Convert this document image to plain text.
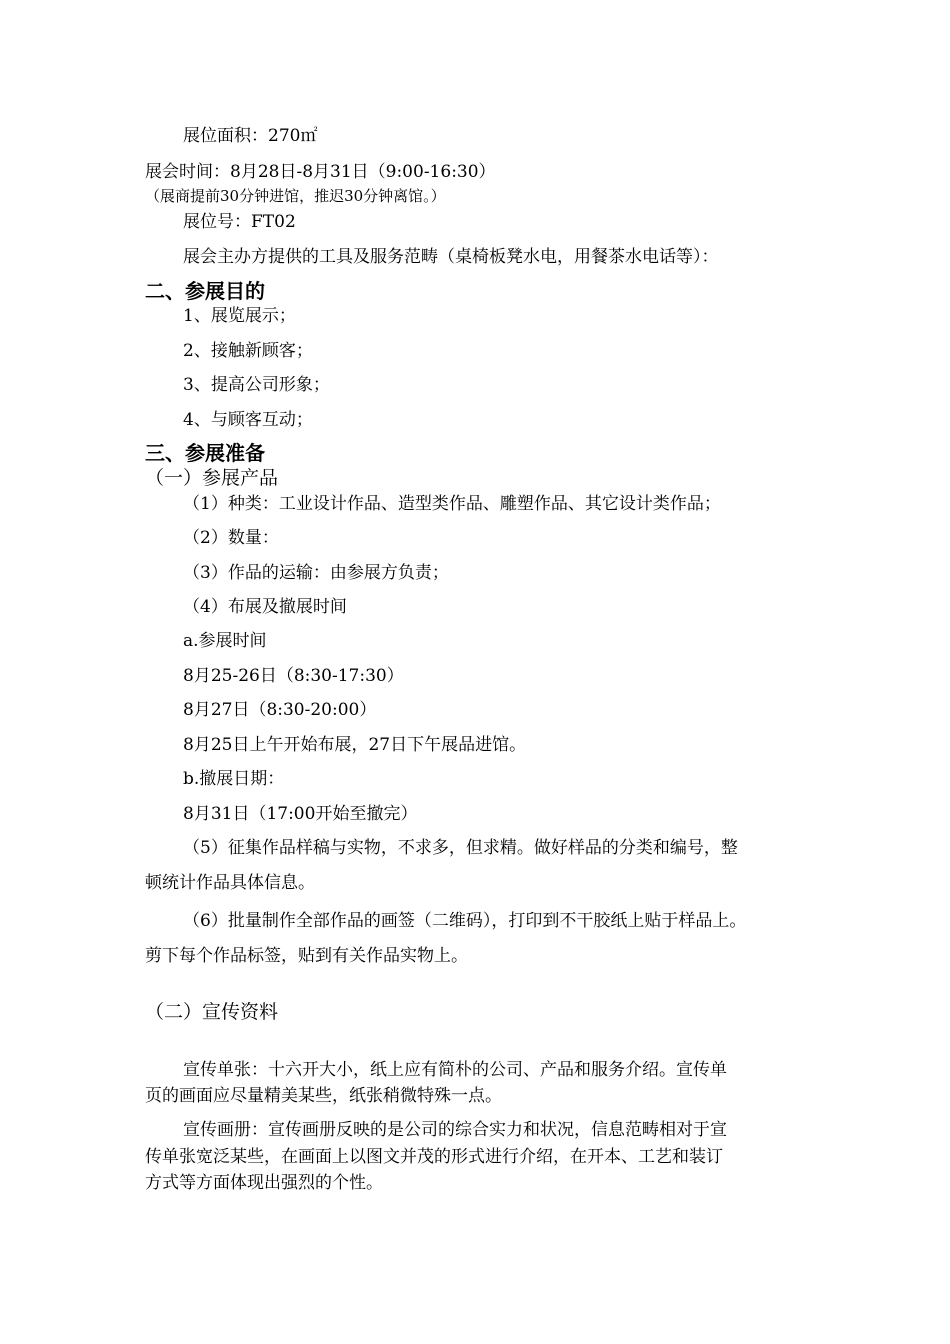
展位面积：270㎡
展会时间：8月28日-8月31日（9:00-16:30）
（展商提前30分钟进馆，推迟30分钟离馆。）
展位号：FT02
展会主办方提供的工具及服务范畴（桌椅板凳水电，用餐茶水电话等）：
二、参展目的
1、展览展示；
2、接触新顾客；
3、提高公司形象；
4、与顾客互动；
三、参展准备
（一）参展产品
（1）种类：工业设计作品、造型类作品、雕塑作品、其它设计类作品；
（2）数量：
（3）作品的运输：由参展方负责；
（4）布展及撤展时间
a.参展时间
8月25-26日（8:30-17:30）
8月27日（8:30-20:00）
8月25日上午开始布展，27日下午展品进馆。
b.撤展日期：
8月31日（17:00开始至撤完）
（5）征集作品样稿与实物，不求多，但求精。做好样品的分类和编号，整
顿统计作品具体信息。
（6）批量制作全部作品的画签（二维码），打印到不干胶纸上贴于样品上。
剪下每个作品标签，贴到有关作品实物上。
（二）宣传资料
宣传单张：十六开大小，纸上应有简朴的公司、产品和服务介绍。宣传单
页的画面应尽量精美某些，纸张稍微特殊一点。
宣传画册：宣传画册反映的是公司的综合实力和状况，信息范畴相对于宣
传单张宽泛某些，在画面上以图文并茂的形式进行介绍，在开本、工艺和装订
方式等方面体现出强烈的个性。
